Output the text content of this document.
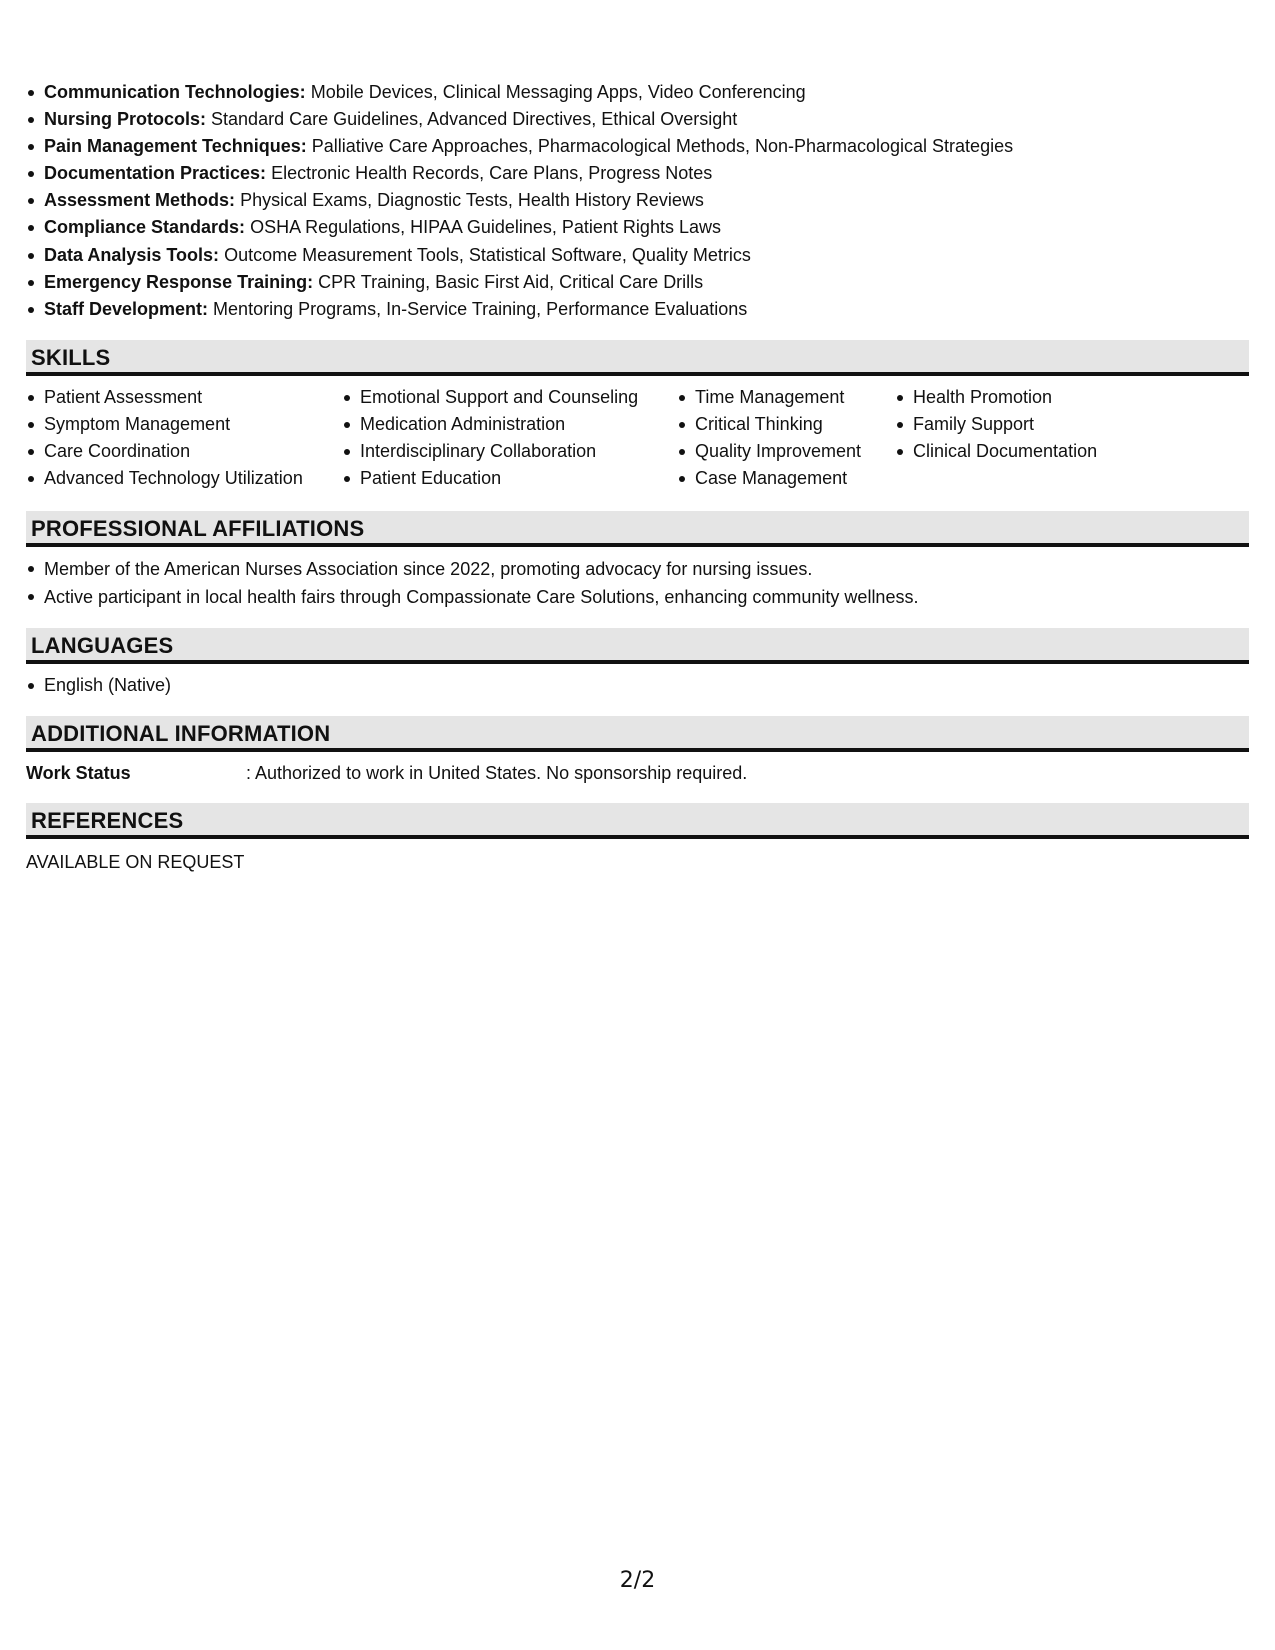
Communication Technologies: Mobile Devices, Clinical Messaging Apps, Video Conferencing
Nursing Protocols: Standard Care Guidelines, Advanced Directives, Ethical Oversight
Pain Management Techniques: Palliative Care Approaches, Pharmacological Methods, Non-Pharmacological Strategies
Documentation Practices: Electronic Health Records, Care Plans, Progress Notes
Assessment Methods: Physical Exams, Diagnostic Tests, Health History Reviews
Compliance Standards: OSHA Regulations, HIPAA Guidelines, Patient Rights Laws
Data Analysis Tools: Outcome Measurement Tools, Statistical Software, Quality Metrics
Emergency Response Training: CPR Training, Basic First Aid, Critical Care Drills
Staff Development: Mentoring Programs, In-Service Training, Performance Evaluations
SKILLS
Patient Assessment
Symptom Management
Care Coordination
Advanced Technology Utilization
Emotional Support and Counseling
Medication Administration
Interdisciplinary Collaboration
Patient Education
Time Management
Critical Thinking
Quality Improvement
Case Management
Health Promotion
Family Support
Clinical Documentation
PROFESSIONAL AFFILIATIONS
Member of the American Nurses Association since 2022, promoting advocacy for nursing issues.
Active participant in local health fairs through Compassionate Care Solutions, enhancing community wellness.
LANGUAGES
English (Native)
ADDITIONAL INFORMATION
Work Status	: Authorized to work in United States. No sponsorship required.
REFERENCES
AVAILABLE ON REQUEST
2/2
